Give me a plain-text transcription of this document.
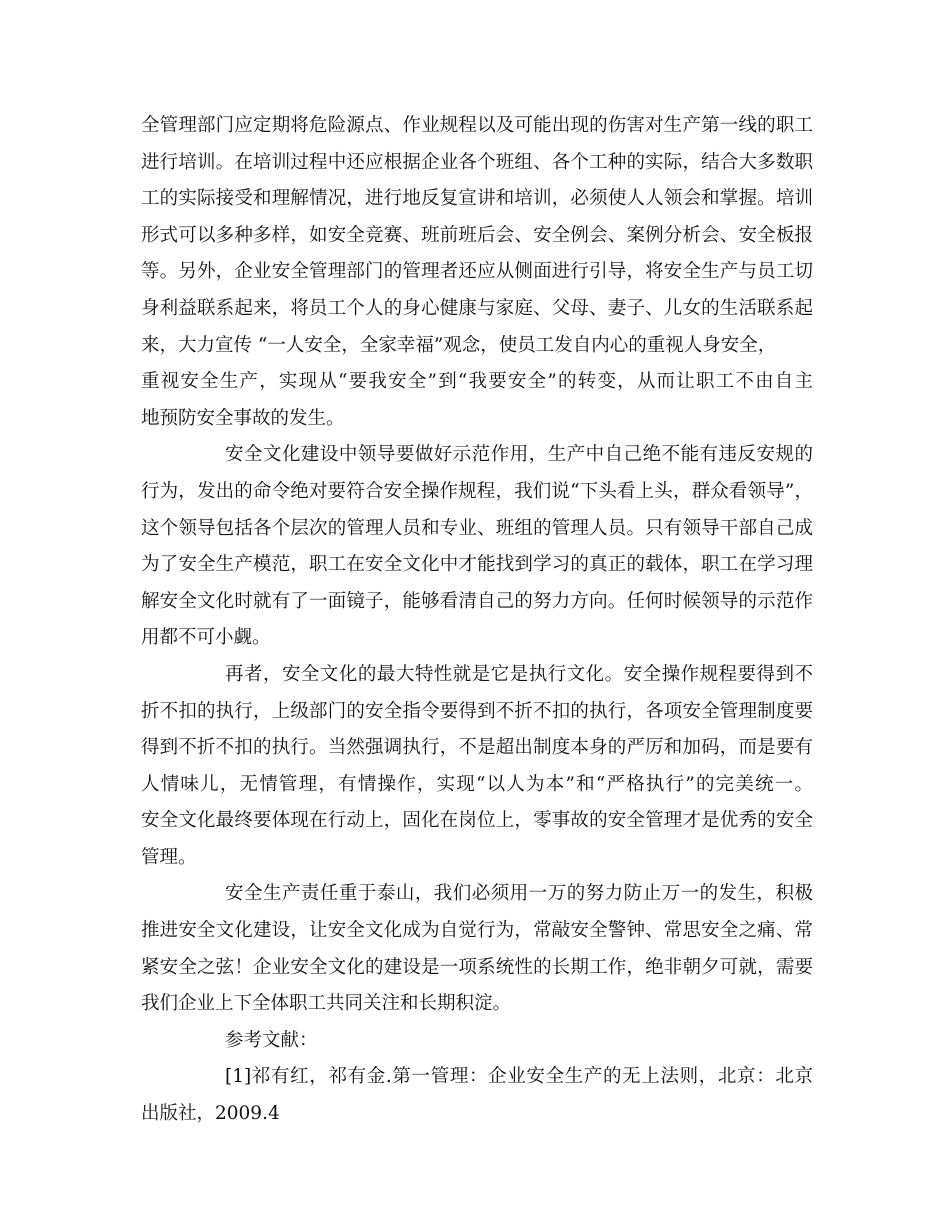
全管理部门应定期将危险源点、作业规程以及可能出现的伤害对生产第一线的职工
进行培训。在培训过程中还应根据企业各个班组、各个工种的实际，结合大多数职
工的实际接受和理解情况，进行地反复宣讲和培训，必须使人人领会和掌握。培训
形式可以多种多样，如安全竞赛、班前班后会、安全例会、案例分析会、安全板报
等。另外，企业安全管理部门的管理者还应从侧面进行引导，将安全生产与员工切
身利益联系起来，将员工个人的身心健康与家庭、父母、妻子、儿女的生活联系起
来，大力宣传 “一人安全，全家幸福”观念，使员工发自内心的重视人身安全，
重视安全生产，实现从“要我安全”到“我要安全”的转变，从而让职工不由自主
地预防安全事故的发生。
安全文化建设中领导要做好示范作用，生产中自己绝不能有违反安规的
行为，发出的命令绝对要符合安全操作规程，我们说“下头看上头，群众看领导”，
这个领导包括各个层次的管理人员和专业、班组的管理人员。只有领导干部自己成
为了安全生产模范，职工在安全文化中才能找到学习的真正的载体，职工在学习理
解安全文化时就有了一面镜子，能够看清自己的努力方向。任何时候领导的示范作
用都不可小觑。
再者，安全文化的最大特性就是它是执行文化。安全操作规程要得到不
折不扣的执行，上级部门的安全指令要得到不折不扣的执行，各项安全管理制度要
得到不折不扣的执行。当然强调执行，不是超出制度本身的严厉和加码，而是要有
人情味儿，无情管理，有情操作，实现“以人为本”和“严格执行”的完美统一。
安全文化最终要体现在行动上，固化在岗位上，零事故的安全管理才是优秀的安全
管理。
安全生产责任重于泰山，我们必须用一万的努力防止万一的发生，积极
推进安全文化建设，让安全文化成为自觉行为，常敲安全警钟、常思安全之痛、常
紧安全之弦！企业安全文化的建设是一项系统性的长期工作，绝非朝夕可就，需要
我们企业上下全体职工共同关注和长期积淀。
参考文献：
[1]祁有红，祁有金.第一管理：企业安全生产的无上法则，北京：北京
出版社，2009.4
